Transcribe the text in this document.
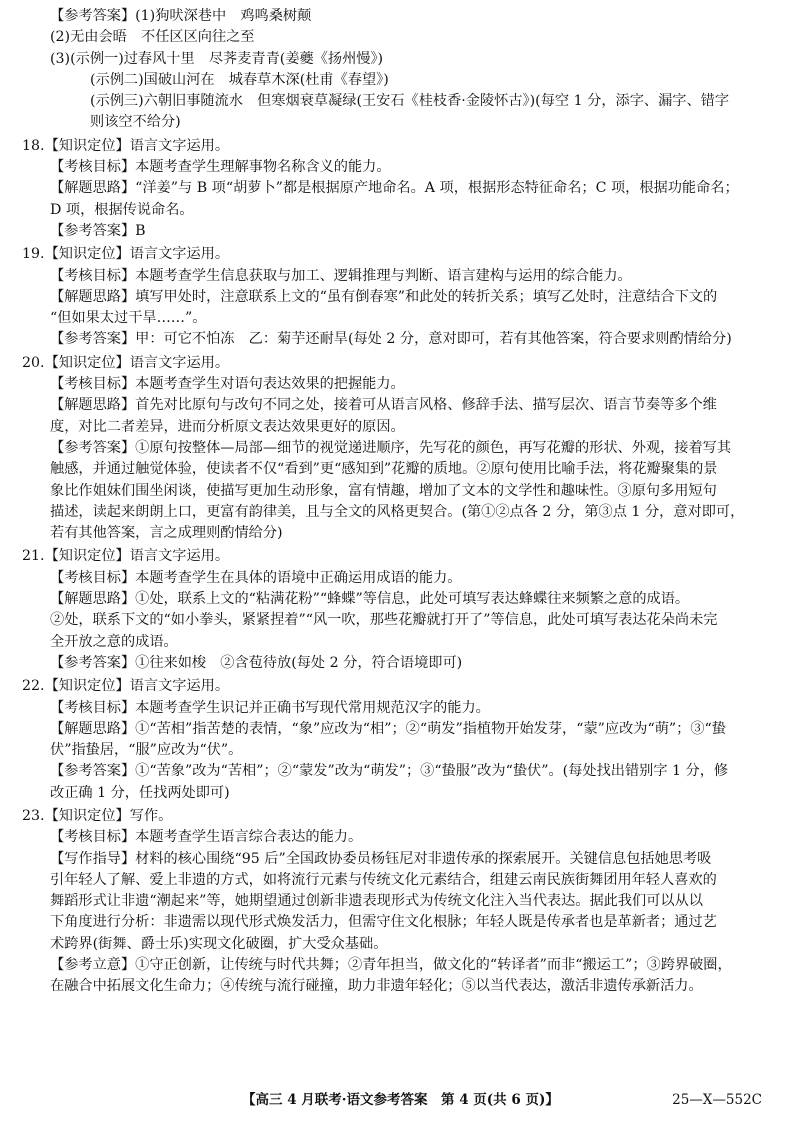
【参考答案】(1)狗吠深巷中　鸡鸣桑树颠
(2)无由会晤　不任区区向往之至
(3)(示例一)过春风十里　尽荠麦青青(姜夔《扬州慢》)
(示例二)国破山河在　城春草木深(杜甫《春望》)
(示例三)六朝旧事随流水　但寒烟衰草凝绿(王安石《桂枝香·金陵怀古》)(每空 1 分，添字、漏字、错字
则该空不给分)
18.【知识定位】语言文字运用。
【考核目标】本题考查学生理解事物名称含义的能力。
【解题思路】“洋姜”与 B 项“胡萝卜”都是根据原产地命名。A 项，根据形态特征命名；C 项，根据功能命名；
D 项，根据传说命名。
【参考答案】B
19.【知识定位】语言文字运用。
【考核目标】本题考查学生信息获取与加工、逻辑推理与判断、语言建构与运用的综合能力。
【解题思路】填写甲处时，注意联系上文的“虽有倒春寒”和此处的转折关系；填写乙处时，注意结合下文的
“但如果太过干旱……”。
【参考答案】甲：可它不怕冻　乙：菊芋还耐旱(每处 2 分，意对即可，若有其他答案，符合要求则酌情给分)
20.【知识定位】语言文字运用。
【考核目标】本题考查学生对语句表达效果的把握能力。
【解题思路】首先对比原句与改句不同之处，接着可从语言风格、修辞手法、描写层次、语言节奏等多个维
度，对比二者差异，进而分析原文表达效果更好的原因。
【参考答案】①原句按整体—局部—细节的视觉递进顺序，先写花的颜色，再写花瓣的形状、外观，接着写其
触感，并通过触觉体验，使读者不仅“看到”更“感知到”花瓣的质地。②原句使用比喻手法，将花瓣聚集的景
象比作姐妹们围坐闲谈，使描写更加生动形象，富有情趣，增加了文本的文学性和趣味性。③原句多用短句
描述，读起来朗朗上口，更富有韵律美，且与全文的风格更契合。(第①②点各 2 分，第③点 1 分，意对即可，
若有其他答案，言之成理则酌情给分)
21.【知识定位】语言文字运用。
【考核目标】本题考查学生在具体的语境中正确运用成语的能力。
【解题思路】①处，联系上文的“粘满花粉”“蜂蝶”等信息，此处可填写表达蜂蝶往来频繁之意的成语。
②处，联系下文的“如小拳头，紧紧捏着”“风一吹，那些花瓣就打开了”等信息，此处可填写表达花朵尚未完
全开放之意的成语。
【参考答案】①往来如梭　②含苞待放(每处 2 分，符合语境即可)
22.【知识定位】语言文字运用。
【考核目标】本题考查学生识记并正确书写现代常用规范汉字的能力。
【解题思路】①“苦相”指苦楚的表情，“象”应改为“相”；②“萌发”指植物开始发芽，“蒙”应改为“萌”；③“蛰
伏”指蛰居，“服”应改为“伏”。
【参考答案】①“苦象”改为“苦相”；②“蒙发”改为“萌发”；③“蛰服”改为“蛰伏”。(每处找出错别字 1 分，修
改正确 1 分，任找两处即可)
23.【知识定位】写作。
【考核目标】本题考查学生语言综合表达的能力。
【写作指导】材料的核心围绕“95 后”全国政协委员杨钰尼对非遗传承的探索展开。关键信息包括她思考吸
引年轻人了解、爱上非遗的方式，如将流行元素与传统文化元素结合，组建云南民族街舞团用年轻人喜欢的
舞蹈形式让非遗“潮起来”等，她期望通过创新非遗表现形式为传统文化注入当代表达。据此我们可以从以
下角度进行分析：非遗需以现代形式焕发活力，但需守住文化根脉；年轻人既是传承者也是革新者；通过艺
术跨界(街舞、爵士乐)实现文化破圈，扩大受众基础。
【参考立意】①守正创新，让传统与时代共舞；②青年担当，做文化的“转译者”而非“搬运工”；③跨界破圈，
在融合中拓展文化生命力；④传统与流行碰撞，助力非遗年轻化；⑤以当代表达，激活非遗传承新活力。
【高三 4 月联考·语文参考答案　第 4 页(共 6 页)】	25—X—552C
